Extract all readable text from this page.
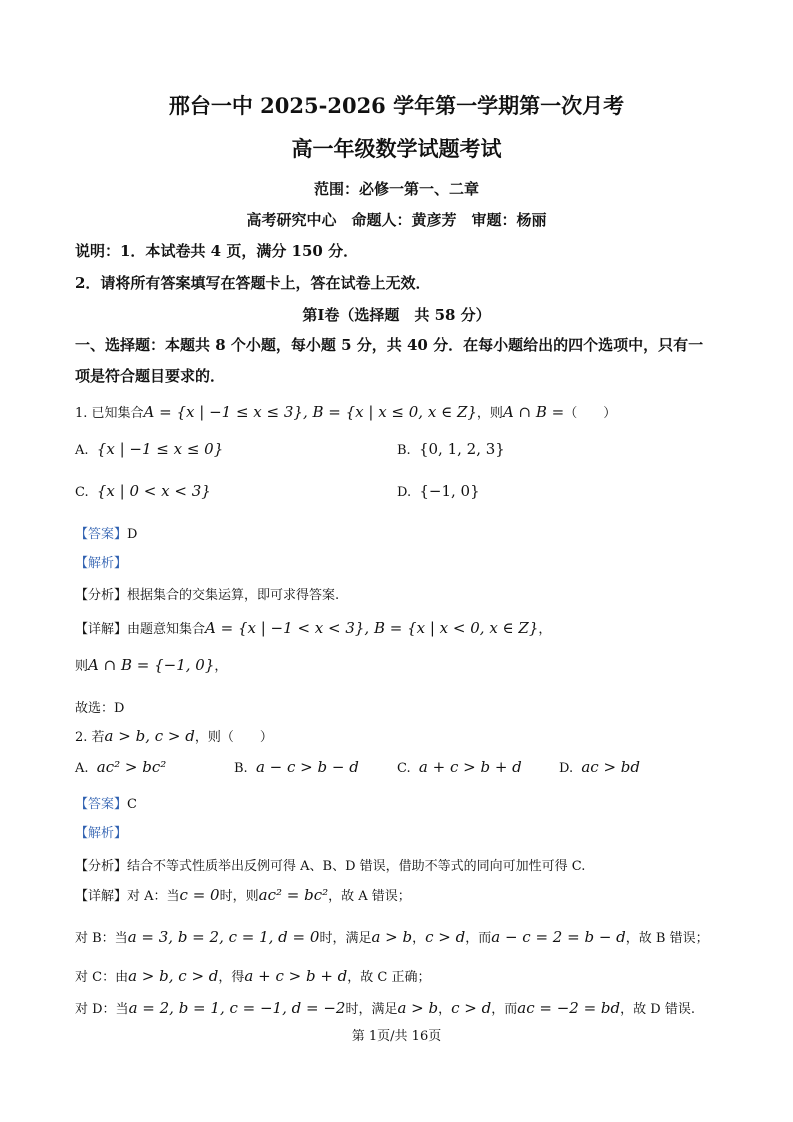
邢台一中 2025-2026 学年第一学期第一次月考
高一年级数学试题考试
范围：必修一第一、二章
高考研究中心　命题人：黄彦芳　审题：杨丽
说明：1．本试卷共 4 页，满分 150 分．
2．请将所有答案填写在答题卡上，答在试卷上无效．
第Ⅰ卷（选择题　共 58 分）
一、选择题：本题共 8 个小题，每小题 5 分，共 40 分．在每小题给出的四个选项中，只有一
项是符合题目要求的．
1. 已知集合A = {x | −1 ≤ x ≤ 3}, B = {x | x ≤ 0, x ∈ Z}，则A ∩ B =（　　）
A. {x | −1 ≤ x ≤ 0}	B. {0, 1, 2, 3}
C. {x | 0 < x < 3}	D. {−1, 0}
【答案】D
【解析】
【分析】根据集合的交集运算，即可求得答案.
【详解】由题意知集合A = {x | −1 < x < 3}, B = {x | x < 0, x ∈ Z}，
则A ∩ B = {−1, 0}，
故选：D
2. 若a > b, c > d，则（　　）
A. ac² > bc²	B. a − c > b − d	C. a + c > b + d	D. ac > bd
【答案】C
【解析】
【分析】结合不等式性质举出反例可得 A、B、D 错误，借助不等式的同向可加性可得 C.
【详解】对 A：当c = 0时，则ac² = bc²，故 A 错误；
对 B：当a = 3, b = 2, c = 1, d = 0时，满足a > b，c > d，而a − c = 2 = b − d，故 B 错误；
对 C：由a > b, c > d，得a + c > b + d，故 C 正确；
对 D：当a = 2, b = 1, c = −1, d = −2时，满足a > b，c > d，而ac = −2 = bd，故 D 错误.
第 1页/共 16页
